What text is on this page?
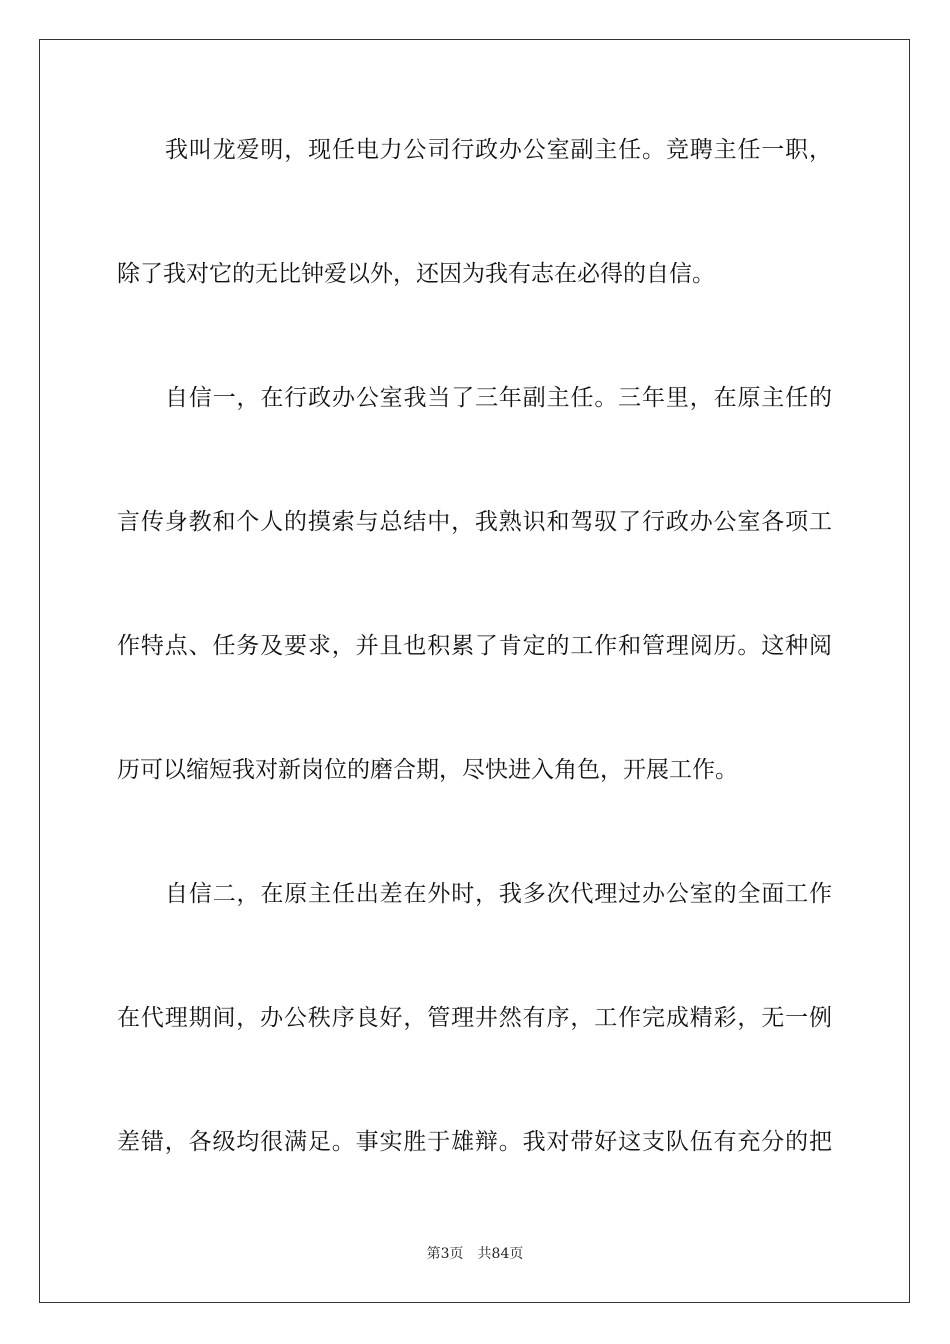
我叫龙爱明，现任电力公司行政办公室副主任。竞聘主任一职，
除了我对它的无比钟爱以外，还因为我有志在必得的自信。
自信一，在行政办公室我当了三年副主任。三年里，在原主任的
言传身教和个人的摸索与总结中，我熟识和驾驭了行政办公室各项工
作特点、任务及要求，并且也积累了肯定的工作和管理阅历。这种阅
历可以缩短我对新岗位的磨合期，尽快进入角色，开展工作。
自信二，在原主任出差在外时，我多次代理过办公室的全面工作
在代理期间，办公秩序良好，管理井然有序，工作完成精彩，无一例
差错，各级均很满足。事实胜于雄辩。我对带好这支队伍有充分的把
第3页　共84页
